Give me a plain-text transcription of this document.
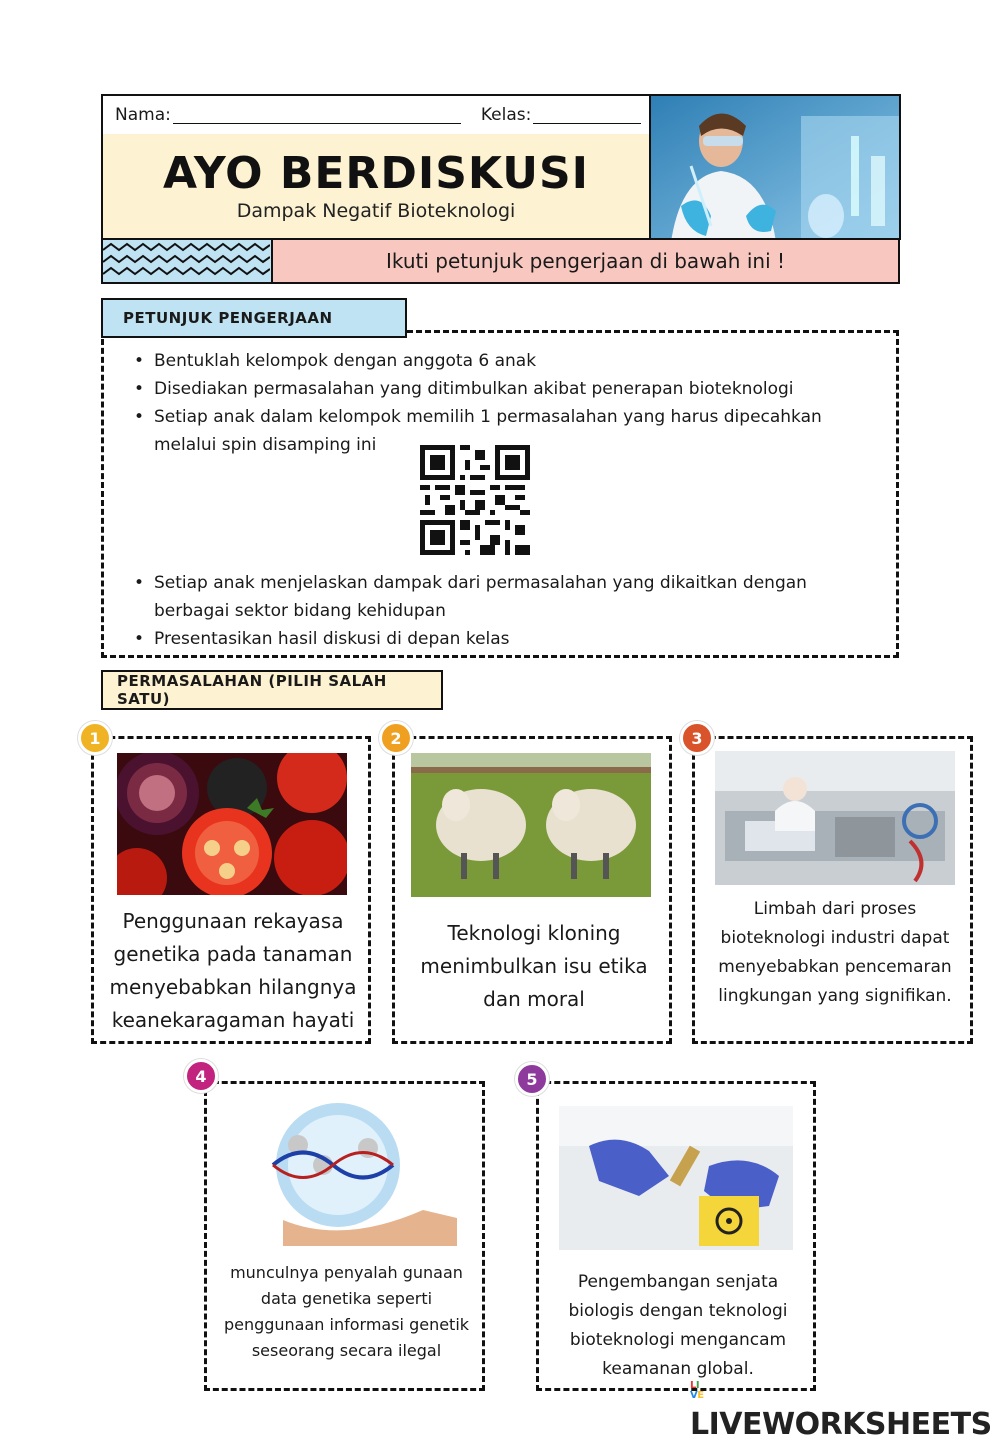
Nama:	Kelas:
AYO BERDISKUSI
Dampak Negatif Bioteknologi
Ikuti petunjuk pengerjaan di bawah ini !
• Bentuklah kelompok dengan anggota 6 anak
• Disediakan permasalahan yang ditimbulkan akibat penerapan bioteknologi
• Setiap anak dalam kelompok memilih 1 permasalahan yang harus dipecahkan melalui spin disamping ini
• Setiap anak menjelaskan dampak dari permasalahan yang dikaitkan dengan berbagai sektor bidang kehidupan
• Presentasikan hasil diskusi di depan kelas
PETUNJUK PENGERJAAN
PERMASALAHAN (PILIH SALAH SATU)
Penggunaan rekayasa genetika pada tanaman menyebabkan hilangnya keanekaragaman hayati
1
Teknologi kloning menimbulkan isu etika dan moral
2
Limbah dari proses bioteknologi industri dapat menyebabkan pencemaran lingkungan yang signifikan.
3
munculnya penyalah gunaan data genetika seperti penggunaan informasi genetik seseorang secara ilegal
4
Pengembangan senjata biologis dengan teknologi bioteknologi mengancam keamanan global.
5
LI
VELIVEWORKSHEETS
